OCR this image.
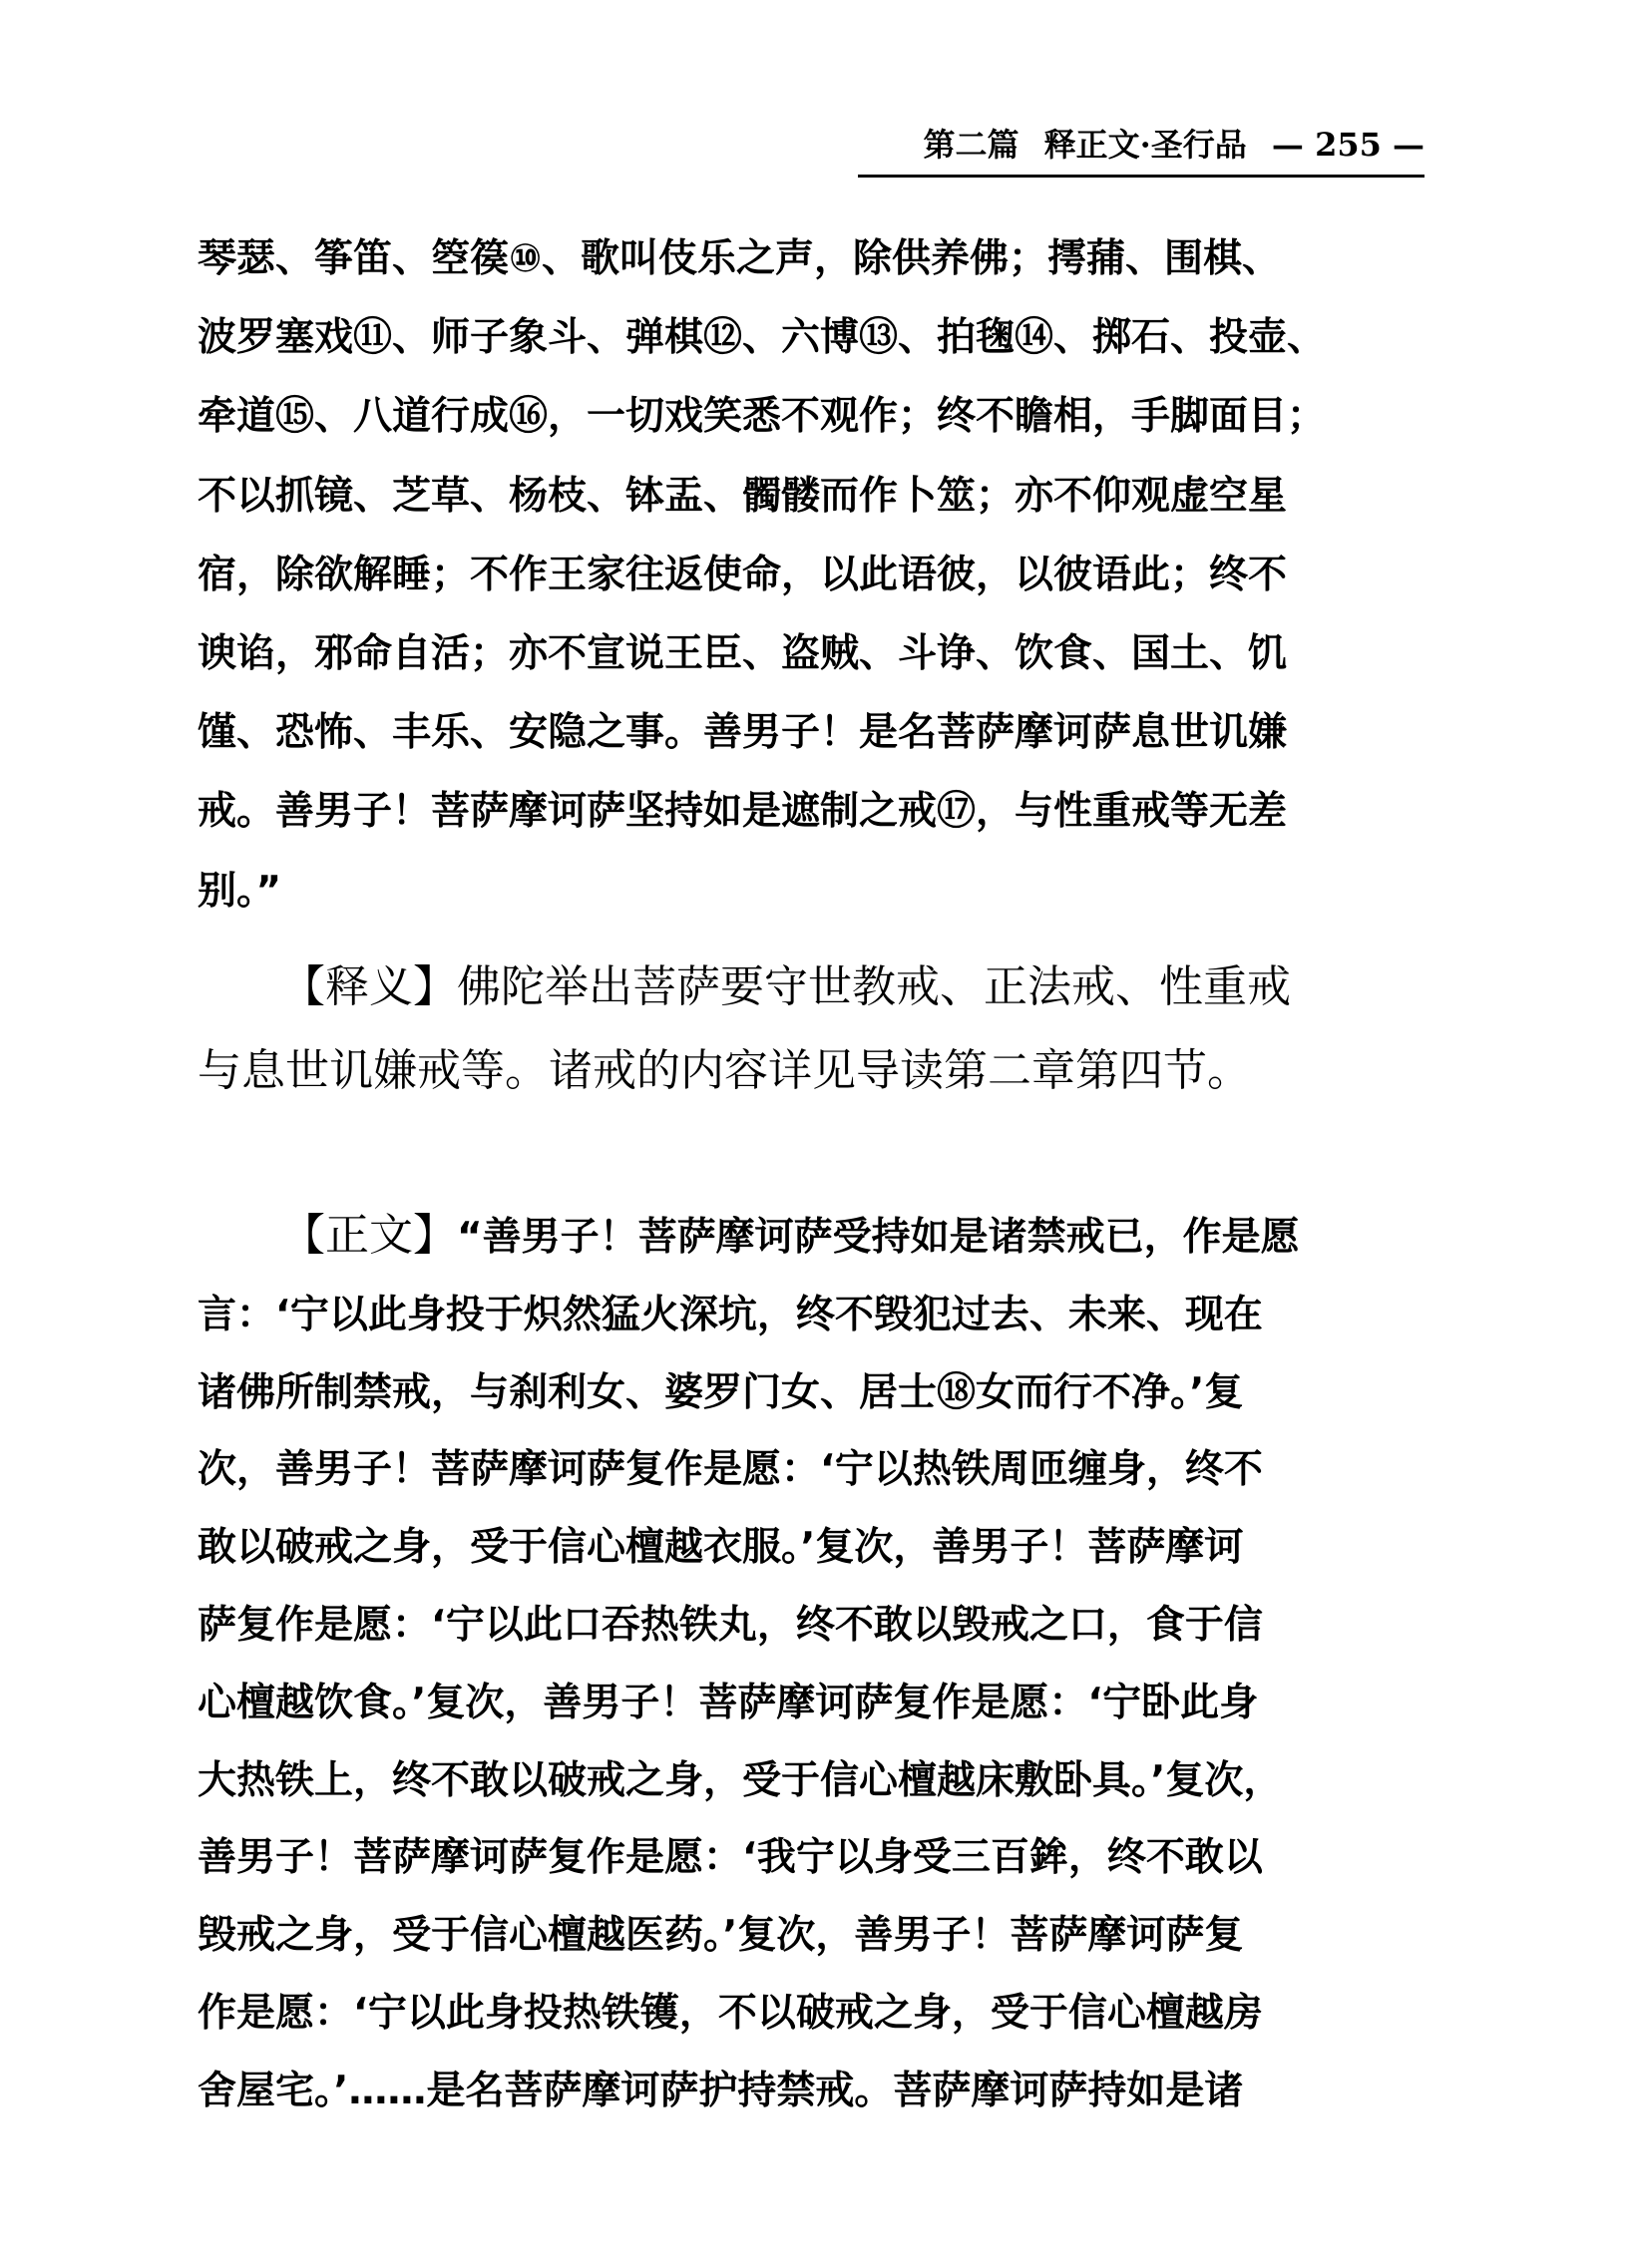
第二篇 释正文·圣行品 — 255 —
琴瑟、筝笛、箜篌⑩、歌叫伎乐之声，除供养佛；摴蒱、围棋、
波罗塞戏⑪、师子象斗、弹棋⑫、六博⑬、拍毱⑭、掷石、投壶、
牵道⑮、八道行成⑯，一切戏笑悉不观作；终不瞻相，手脚面目；
不以抓镜、芝草、杨枝、钵盂、髑髅而作卜筮；亦不仰观虚空星
宿，除欲解睡；不作王家往返使命，以此语彼，以彼语此；终不
谀谄，邪命自活；亦不宣说王臣、盗贼、斗诤、饮食、国土、饥
馑、恐怖、丰乐、安隐之事。善男子！是名菩萨摩诃萨息世讥嫌
戒。善男子！菩萨摩诃萨坚持如是遮制之戒⑰，与性重戒等无差
别。”
【释义】佛陀举出菩萨要守世教戒、正法戒、性重戒
与息世讥嫌戒等。诸戒的内容详见导读第二章第四节。
【正文】“善男子！菩萨摩诃萨受持如是诸禁戒已，作是愿
言：‘宁以此身投于炽然猛火深坑，终不毁犯过去、未来、现在
诸佛所制禁戒，与刹利女、婆罗门女、居士⑱女而行不净。’复
次，善男子！菩萨摩诃萨复作是愿：‘宁以热铁周匝缠身，终不
敢以破戒之身，受于信心檀越衣服。’复次，善男子！菩萨摩诃
萨复作是愿：‘宁以此口吞热铁丸，终不敢以毁戒之口，食于信
心檀越饮食。’复次，善男子！菩萨摩诃萨复作是愿：‘宁卧此身
大热铁上，终不敢以破戒之身，受于信心檀越床敷卧具。’复次，
善男子！菩萨摩诃萨复作是愿：‘我宁以身受三百鉾，终不敢以
毁戒之身，受于信心檀越医药。’复次，善男子！菩萨摩诃萨复
作是愿：‘宁以此身投热铁镬，不以破戒之身，受于信心檀越房
舍屋宅。’……是名菩萨摩诃萨护持禁戒。菩萨摩诃萨持如是诸
